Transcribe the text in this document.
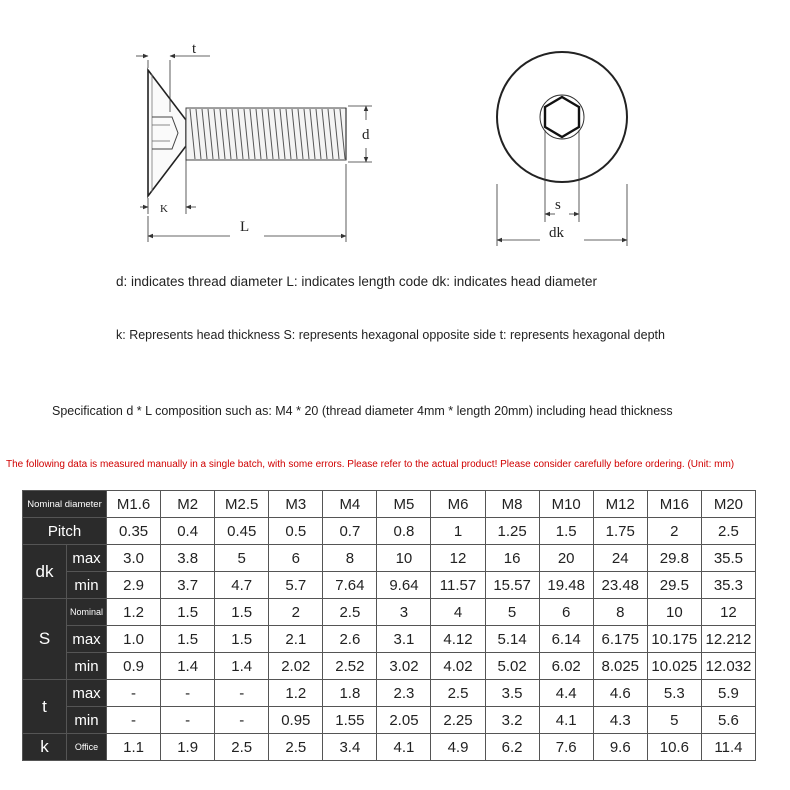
t
d
K
L
s
dk

d: indicates thread diameter L: indicates length code dk: indicates head diameter

k: Represents head thickness S: represents hexagonal opposite side t: represents hexagonal depth

Specification d * L composition such as: M4 * 20 (thread diameter 4mm * length 20mm) including head thickness

The following data is measured manually in a single batch, with some errors. Please refer to the actual product! Please consider carefully before ordering. (Unit: mm)
Nominal diameter		M1.6	M2	M2.5	M3	M4	M5	M6	M8	M10	M12	M16	M20
Pitch		0.35	0.4	0.45	0.5	0.7	0.8	1	1.25	1.5	1.75	2	2.5
dk	max	3.0	3.8	5	6	8	10	12	16	20	24	29.8	35.5
	min	2.9	3.7	4.7	5.7	7.64	9.64	11.57	15.57	19.48	23.48	29.5	35.3
S	Nominal	1.2	1.5	1.5	2	2.5	3	4	5	6	8	10	12
	max	1.0	1.5	1.5	2.1	2.6	3.1	4.12	5.14	6.14	6.175	10.175	12.212
	min	0.9	1.4	1.4	2.02	2.52	3.02	4.02	5.02	6.02	8.025	10.025	12.032
t	max	-	-	-	1.2	1.8	2.3	2.5	3.5	4.4	4.6	5.3	5.9
	min	-	-	-	0.95	1.55	2.05	2.25	3.2	4.1	4.3	5	5.6
k	Office	1.1	1.9	2.5	2.5	3.4	4.1	4.9	6.2	7.6	9.6	10.6	11.4
